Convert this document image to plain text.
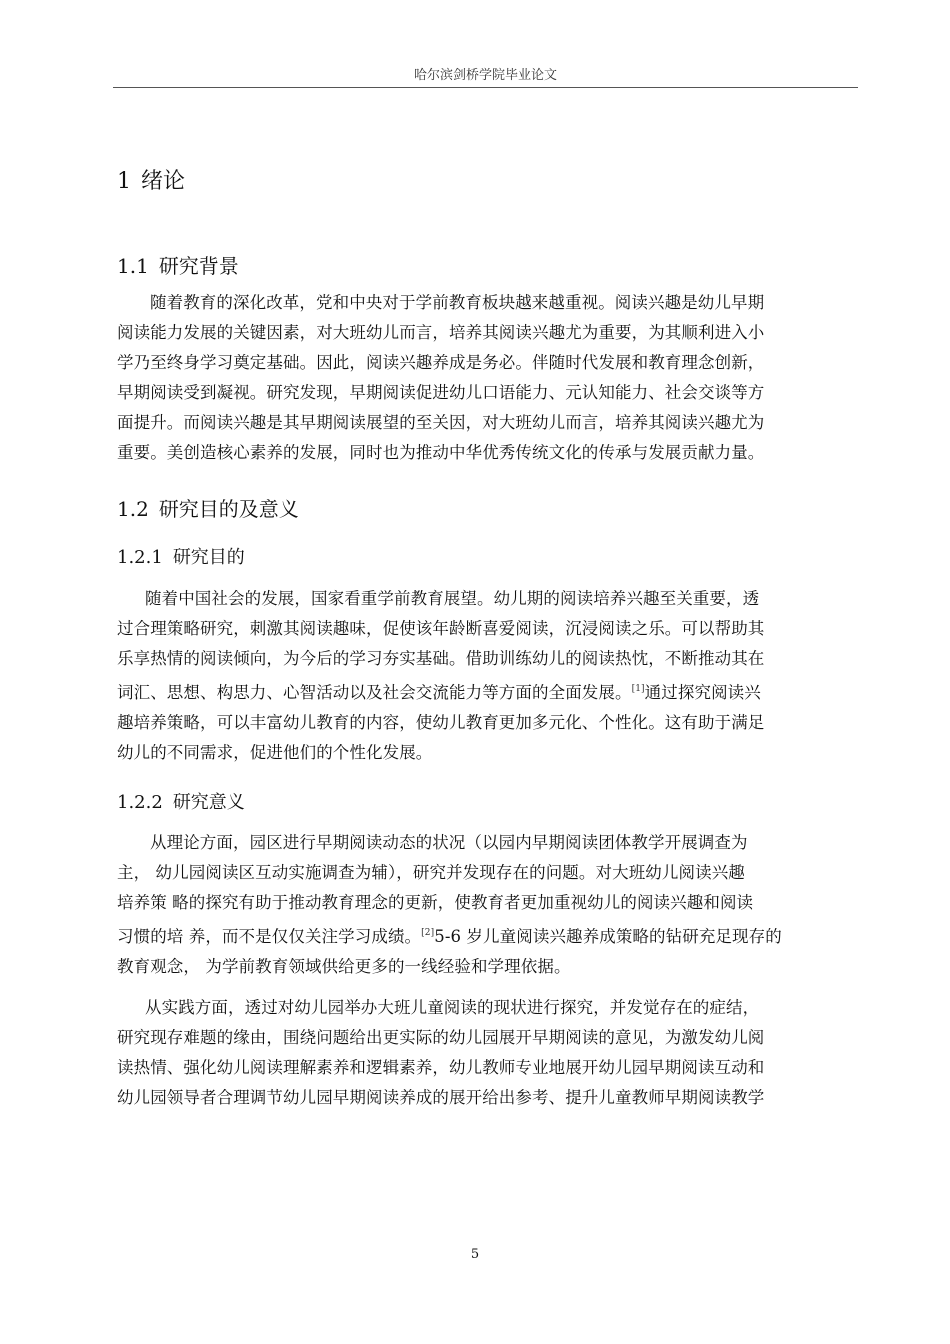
哈尔滨剑桥学院毕业论文
1 绪论
1.1 研究背景
随着教育的深化改革，党和中央对于学前教育板块越来越重视。阅读兴趣是幼儿早期
阅读能力发展的关键因素，对大班幼儿而言，培养其阅读兴趣尤为重要，为其顺利进入小
学乃至终身学习奠定基础。因此，阅读兴趣养成是务必。伴随时代发展和教育理念创新，
早期阅读受到凝视。研究发现，早期阅读促进幼儿口语能力、元认知能力、社会交谈等方
面提升。而阅读兴趣是其早期阅读展望的至关因，对大班幼儿而言，培养其阅读兴趣尤为
重要。美创造核心素养的发展，同时也为推动中华优秀传统文化的传承与发展贡献力量。
1.2 研究目的及意义
1.2.1 研究目的
随着中国社会的发展，国家看重学前教育展望。幼儿期的阅读培养兴趣至关重要，透
过合理策略研究，刺激其阅读趣味，促使该年龄断喜爱阅读，沉浸阅读之乐。可以帮助其
乐享热情的阅读倾向，为今后的学习夯实基础。借助训练幼儿的阅读热忱，不断推动其在
词汇、思想、构思力、心智活动以及社会交流能力等方面的全面发展。[1]通过探究阅读兴
趣培养策略，可以丰富幼儿教育的内容，使幼儿教育更加多元化、个性化。这有助于满足
幼儿的不同需求，促进他们的个性化发展。
1.2.2 研究意义
从理论方面，园区进行早期阅读动态的状况（以园内早期阅读团体教学开展调查为
主， 幼儿园阅读区互动实施调查为辅），研究并发现存在的问题。对大班幼儿阅读兴趣
培养策 略的探究有助于推动教育理念的更新，使教育者更加重视幼儿的阅读兴趣和阅读
习惯的培 养，而不是仅仅关注学习成绩。[2]5-6 岁儿童阅读兴趣养成策略的钻研充足现存的
教育观念， 为学前教育领域供给更多的一线经验和学理依据。
从实践方面，透过对幼儿园举办大班儿童阅读的现状进行探究，并发觉存在的症结，
研究现存难题的缘由，围绕问题给出更实际的幼儿园展开早期阅读的意见，为激发幼儿阅
读热情、强化幼儿阅读理解素养和逻辑素养，幼儿教师专业地展开幼儿园早期阅读互动和
幼儿园领导者合理调节幼儿园早期阅读养成的展开给出参考、提升儿童教师早期阅读教学
5
